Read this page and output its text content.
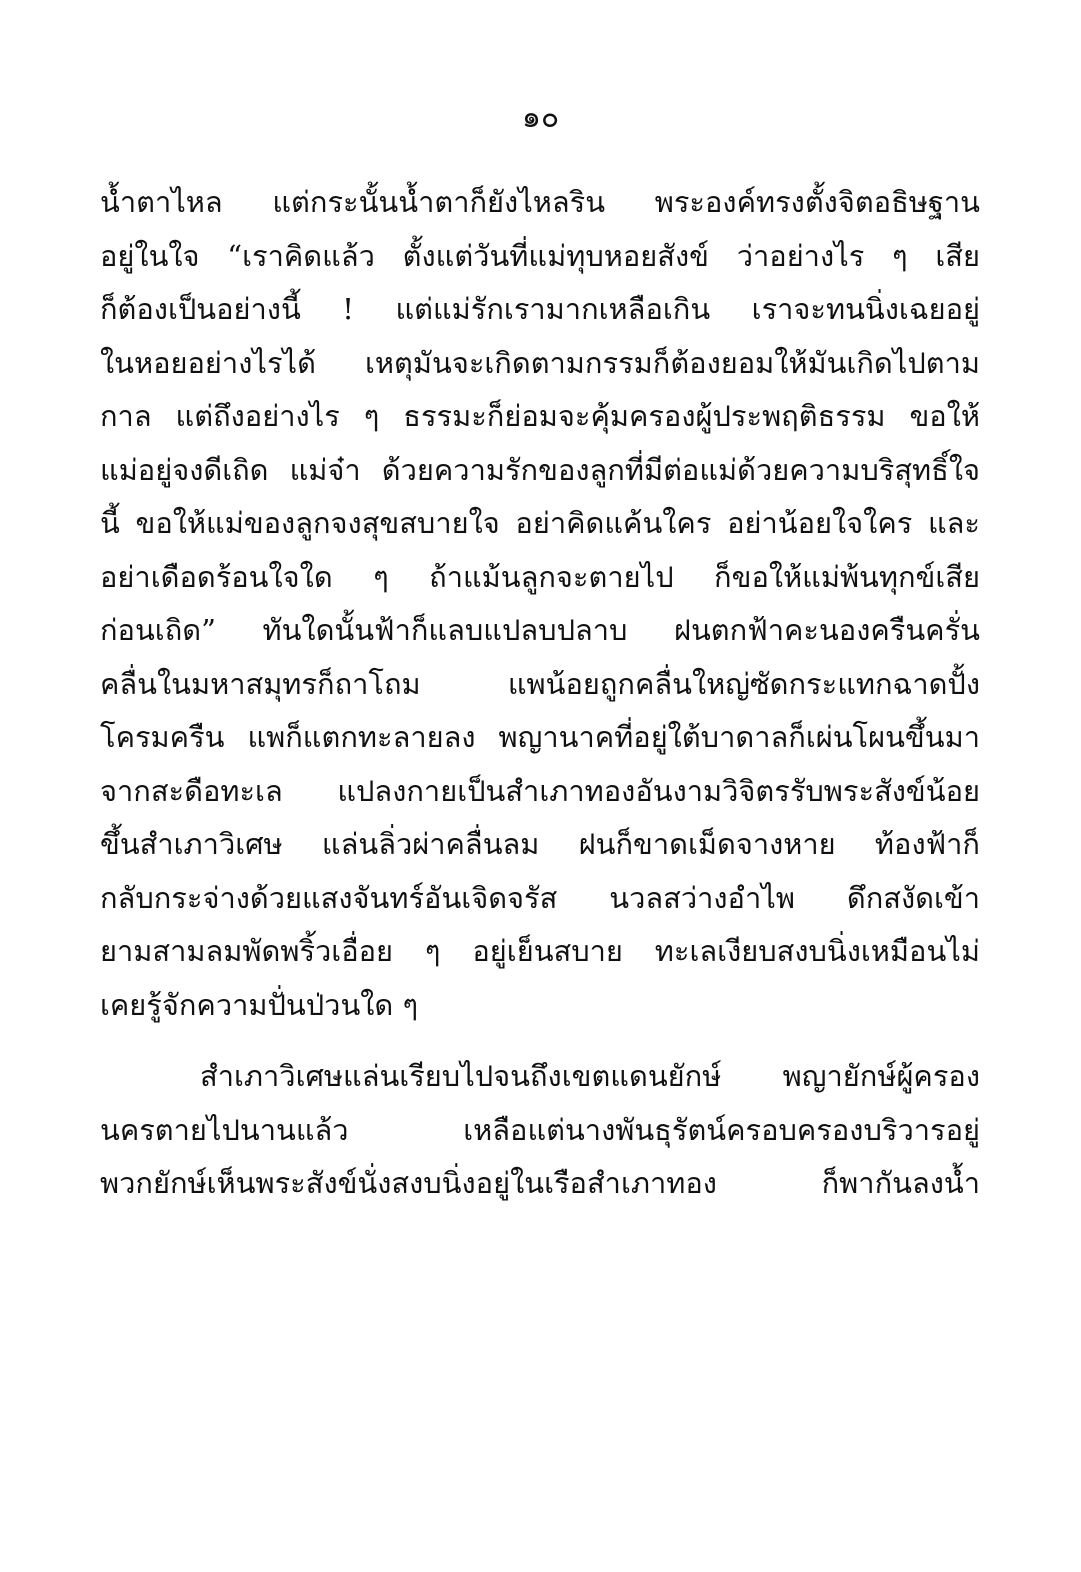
๑๐
น้ำตาไหล แต่กระนั้นน้ำตาก็ยังไหลริน พระองค์ทรงตั้งจิตอธิษฐาน
อยู่ในใจ “เราคิดแล้ว ตั้งแต่วันที่แม่ทุบหอยสังข์ ว่าอย่างไร ๆ เสีย
ก็ต้องเป็นอย่างนี้ ! แต่แม่รักเรามากเหลือเกิน เราจะทนนิ่งเฉยอยู่
ในหอยอย่างไรได้ เหตุมันจะเกิดตามกรรมก็ต้องยอมให้มันเกิดไปตาม
กาล แต่ถึงอย่างไร ๆ ธรรมะก็ย่อมจะคุ้มครองผู้ประพฤติธรรม ขอให้
แม่อยู่จงดีเถิด แม่จ๋า ด้วยความรักของลูกที่มีต่อแม่ด้วยความบริสุทธิ์ใจ
นี้ ขอให้แม่ของลูกจงสุขสบายใจ อย่าคิดแค้นใคร อย่าน้อยใจใคร และ
อย่าเดือดร้อนใจใด ๆ ถ้าแม้นลูกจะตายไป ก็ขอให้แม่พ้นทุกข์เสีย
ก่อนเถิด” ทันใดนั้นฟ้าก็แลบแปลบปลาบ ฝนตกฟ้าคะนองครืนครั่น
คลื่นในมหาสมุทรก็ถาโถม แพน้อยถูกคลื่นใหญ่ซัดกระแทกฉาดปั้ง
โครมครืน แพก็แตกทะลายลง พญานาคที่อยู่ใต้บาดาลก็เผ่นโผนขึ้นมา
จากสะดือทะเล แปลงกายเป็นสำเภาทองอันงามวิจิตรรับพระสังข์น้อย
ขึ้นสำเภาวิเศษ แล่นลิ่วผ่าคลื่นลม ฝนก็ขาดเม็ดจางหาย ท้องฟ้าก็
กลับกระจ่างด้วยแสงจันทร์อันเจิดจรัส นวลสว่างอำไพ ดึกสงัดเข้า
ยามสามลมพัดพริ้วเอื่อย ๆ อยู่เย็นสบาย ทะเลเงียบสงบนิ่งเหมือนไม่
เคยรู้จักความปั่นป่วนใด ๆ
สำเภาวิเศษแล่นเรียบไปจนถึงเขตแดนยักษ์ พญายักษ์ผู้ครอง
นครตายไปนานแล้ว เหลือแต่นางพันธุรัตน์ครอบครองบริวารอยู่
พวกยักษ์เห็นพระสังข์นั่งสงบนิ่งอยู่ในเรือสำเภาทอง ก็พากันลงน้ำ
